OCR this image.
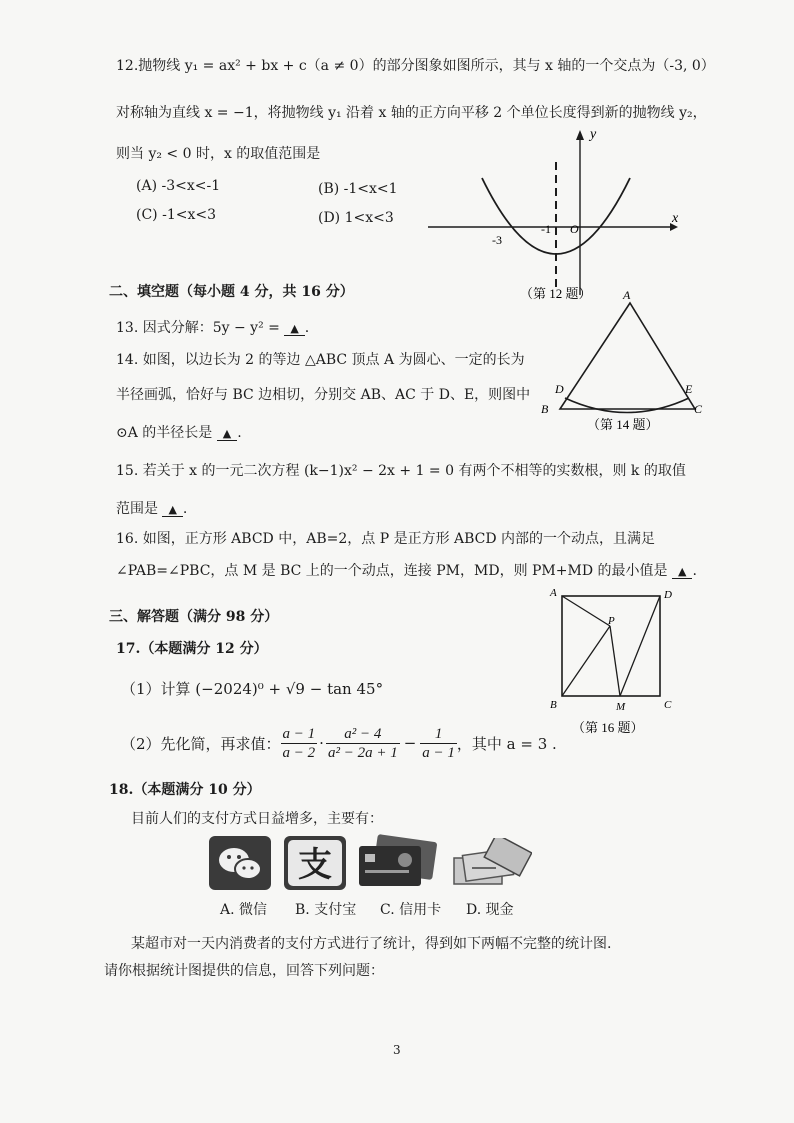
12.抛物线 y₁ = ax² + bx + c（a ≠ 0）的部分图象如图所示，其与 x 轴的一个交点为（-3, 0）
对称轴为直线 x = −1，将抛物线 y₁ 沿着 x 轴的正方向平移 2 个单位长度得到新的抛物线 y₂，
则当 y₂ < 0 时，x 的取值范围是
(A) -3<x<-1	(B) -1<x<1
(C) -1<x<3	(D) 1<x<3
y
x
-3
-1 O
（第 12 题）
二、填空题（每小题 4 分，共 16 分）
13. 因式分解：5y − y² = ▲ .
14. 如图，以边长为 2 的等边 △ABC 顶点 A 为圆心、一定的长为
半径画弧，恰好与 BC 边相切，分别交 AB、AC 于 D、E，则图中
⊙A 的半径长是 ▲ .
A
B	C
D	E
（第 14 题）
15. 若关于 x 的一元二次方程 (k−1)x² − 2x + 1 = 0 有两个不相等的实数根，则 k 的取值
范围是 ▲ .
16. 如图，正方形 ABCD 中，AB=2，点 P 是正方形 ABCD 内部的一个动点，且满足
∠PAB=∠PBC，点 M 是 BC 上的一个动点，连接 PM，MD，则 PM+MD 的最小值是 ▲ .
A	D
B	C
P
M
（第 16 题）
三、解答题（满分 98 分）
17.（本题满分 12 分）
（1）计算 (−2024)⁰ + √9 − tan 45°
（2）先化简，再求值： $\frac{a - 1}{a - 2} \cdot \frac{\text{a² − 4}}{\text{a² − 2a + 1}} - \frac{1}{a - 1}$ ，其中 a = 3 .
18.（本题满分 10 分）
目前人们的支付方式日益增多，主要有：
支
A. 微信 B. 支付宝 C. 信用卡 D. 现金
某超市对一天内消费者的支付方式进行了统计，得到如下两幅不完整的统计图.
请你根据统计图提供的信息，回答下列问题：
3
